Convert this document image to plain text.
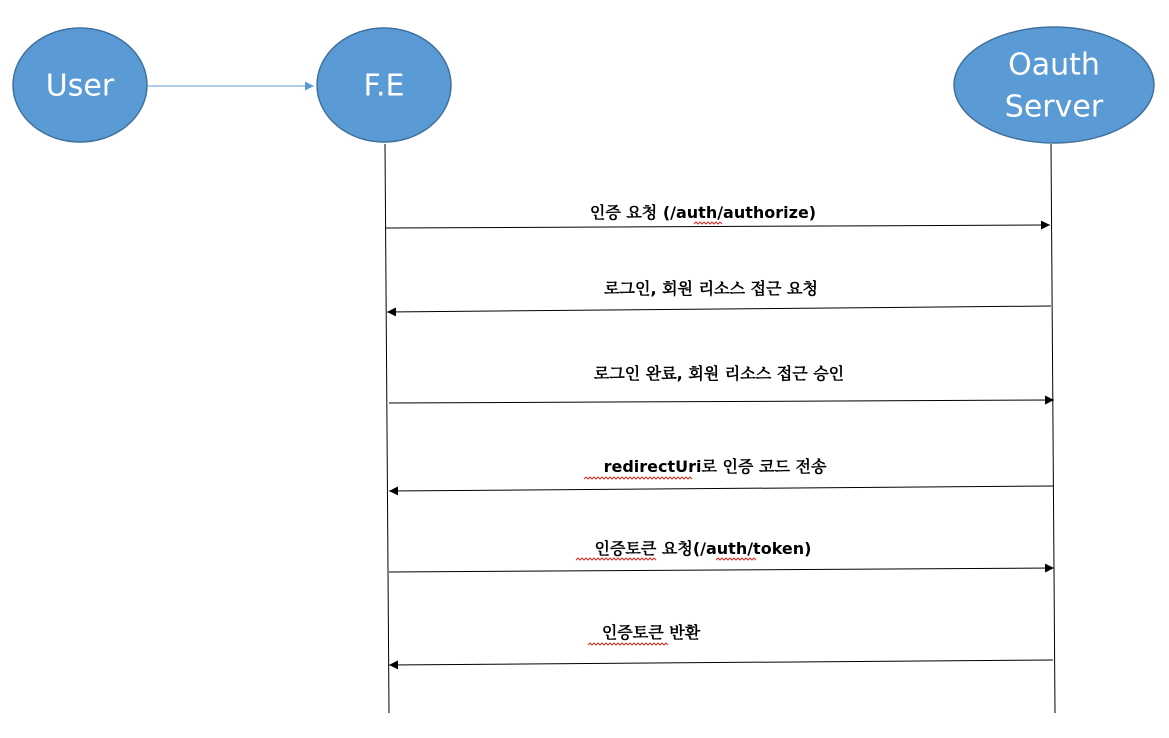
User	F.E
Oauth
Server
인증 요청 (/auth/authorize)
로그인, 회원 리소스 접근 요청
로그인 완료, 회원 리소스 접근 승인
redirectUri로 인증 코드 전송
인증토큰 요청(/auth/token)
인증토큰 반환
